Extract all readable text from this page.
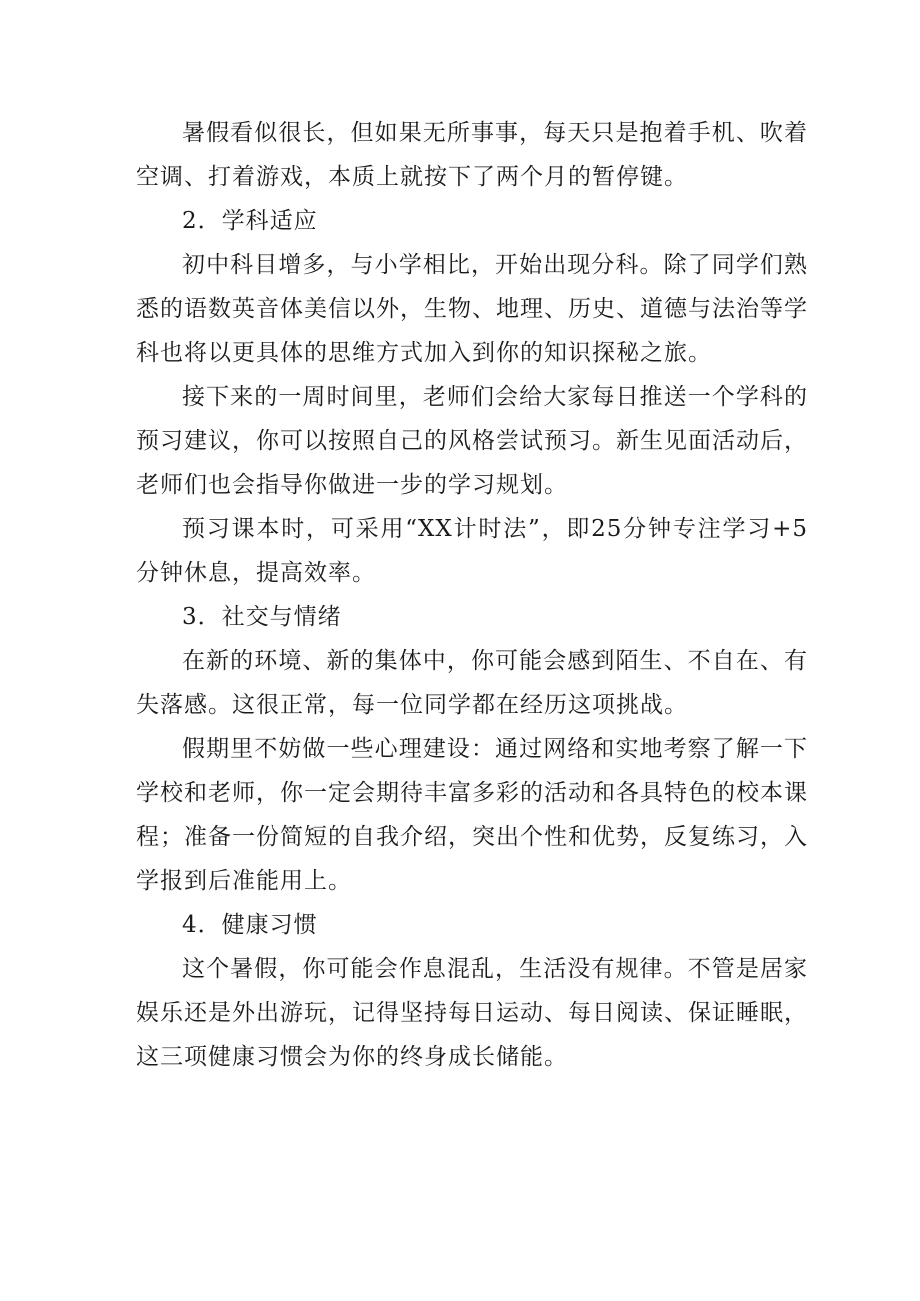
暑假看似很长，但如果无所事事，每天只是抱着手机、吹着空调、打着游戏，本质上就按下了两个月的暂停键。

2．学科适应

初中科目增多，与小学相比，开始出现分科。除了同学们熟悉的语数英音体美信以外，生物、地理、历史、道德与法治等学科也将以更具体的思维方式加入到你的知识探秘之旅。

接下来的一周时间里，老师们会给大家每日推送一个学科的预习建议，你可以按照自己的风格尝试预习。新生见面活动后，老师们也会指导你做进一步的学习规划。

预习课本时，可采用“XX计时法”，即25分钟专注学习+5分钟休息，提高效率。

3．社交与情绪

在新的环境、新的集体中，你可能会感到陌生、不自在、有失落感。这很正常，每一位同学都在经历这项挑战。

假期里不妨做一些心理建设：通过网络和实地考察了解一下学校和老师，你一定会期待丰富多彩的活动和各具特色的校本课程；准备一份简短的自我介绍，突出个性和优势，反复练习，入学报到后准能用上。

4．健康习惯

这个暑假，你可能会作息混乱，生活没有规律。不管是居家娱乐还是外出游玩，记得坚持每日运动、每日阅读、保证睡眠，这三项健康习惯会为你的终身成长储能。
